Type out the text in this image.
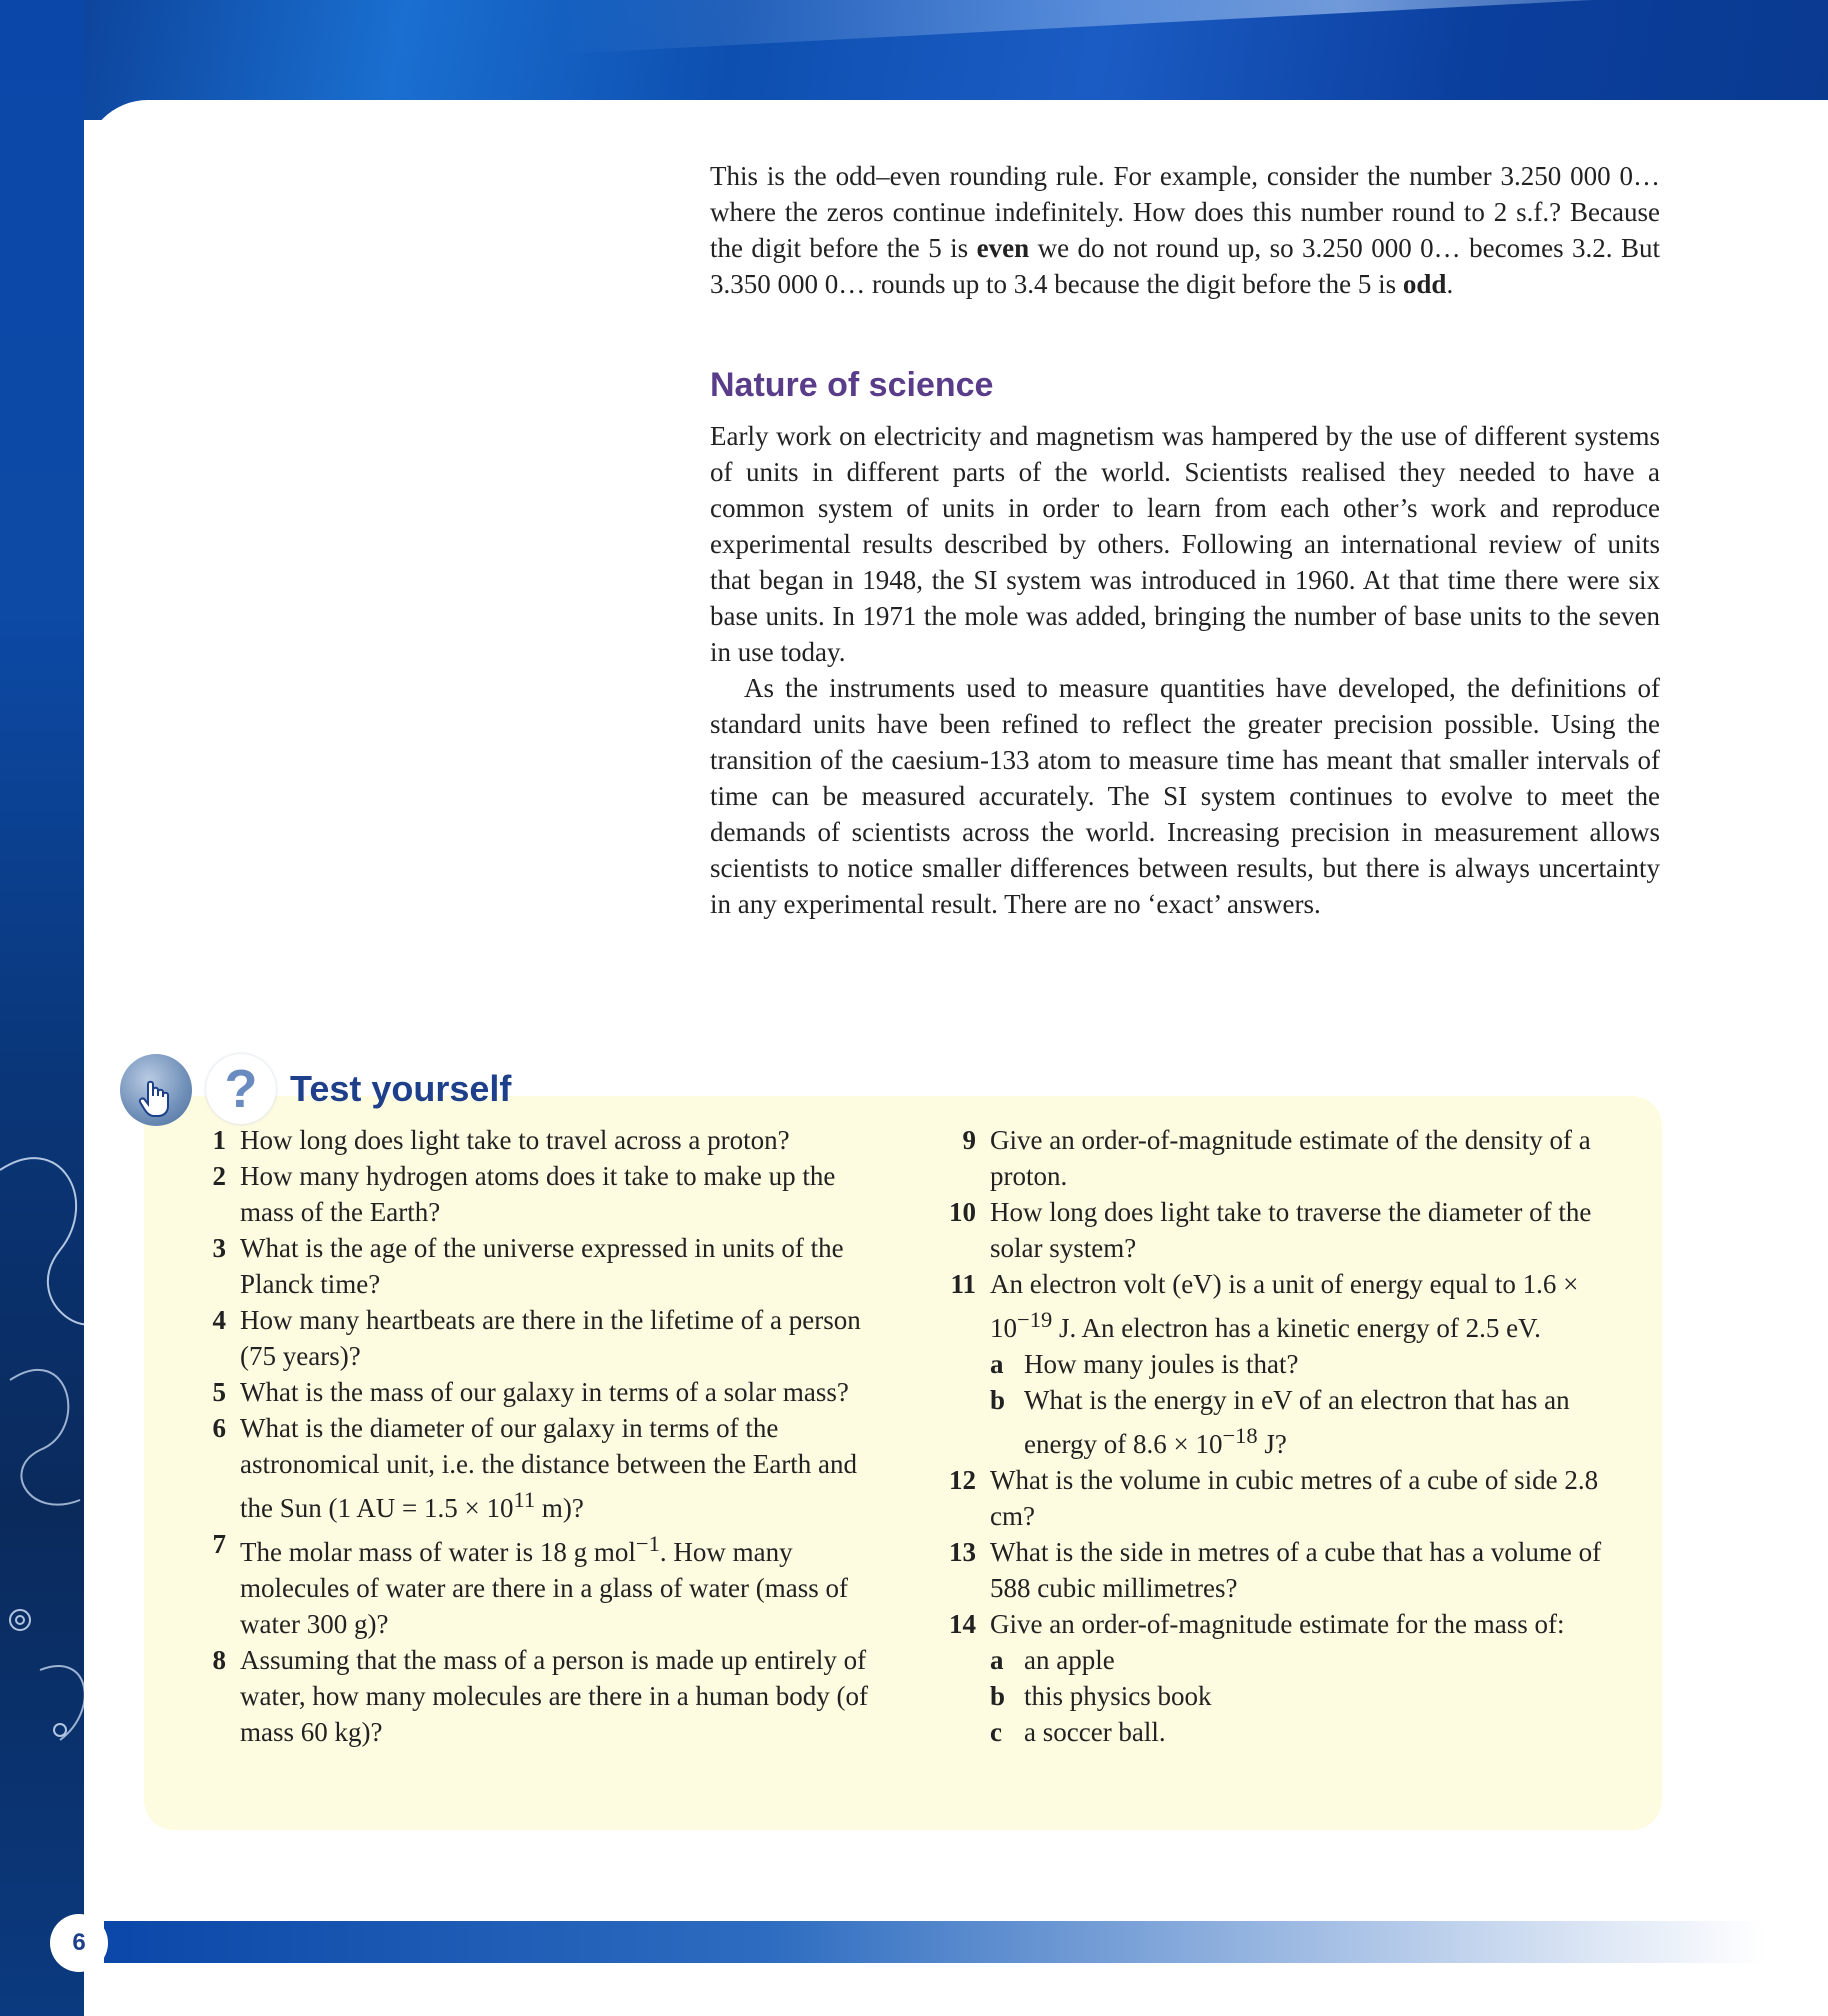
This is the odd–even rounding rule. For example, consider the number 3.250 000 0… where the zeros continue indefinitely. How does this number round to 2 s.f.? Because the digit before the 5 is even we do not round up, so 3.250 000 0… becomes 3.2. But 3.350 000 0… rounds up to 3.4 because the digit before the 5 is odd.

Nature of science

Early work on electricity and magnetism was hampered by the use of different systems of units in different parts of the world. Scientists realised they needed to have a common system of units in order to learn from each other’s work and reproduce experimental results described by others. Following an international review of units that began in 1948, the SI system was introduced in 1960. At that time there were six base units. In 1971 the mole was added, bringing the number of base units to the seven in use today.

As the instruments used to measure quantities have developed, the definitions of standard units have been refined to reflect the greater precision possible. Using the transition of the caesium-133 atom to measure time has meant that smaller intervals of time can be measured accurately. The SI system continues to evolve to meet the demands of scientists across the world. Increasing precision in measurement allows scientists to notice smaller differences between results, but there is always uncertainty in any experimental result. There are no ‘exact’ answers.

? Test yourself
1 How long does light take to travel across a proton?
2 How many hydrogen atoms does it take to make up the mass of the Earth?
3 What is the age of the universe expressed in units of the Planck time?
4 How many heartbeats are there in the lifetime of a person (75 years)?
5 What is the mass of our galaxy in terms of a solar mass?
6 What is the diameter of our galaxy in terms of the astronomical unit, i.e. the distance between the Earth and the Sun (1 AU = $1.5 \times 10^{11}$ m)?
7 The molar mass of water is 18 g mol$^{-1}$. How many molecules of water are there in a glass of water (mass of water 300 g)?
8 Assuming that the mass of a person is made up entirely of water, how many molecules are there in a human body (of mass 60 kg)?
9 Give an order-of-magnitude estimate of the density of a proton.
10 How long does light take to traverse the diameter of the solar system?
11 An electron volt (eV) is a unit of energy equal to $1.6 \times 10^{-19}$ J. An electron has a kinetic energy of 2.5 eV.
a How many joules is that?
b What is the energy in eV of an electron that has an energy of $8.6 \times 10^{-18}$ J?
12 What is the volume in cubic metres of a cube of side 2.8 cm?
13 What is the side in metres of a cube that has a volume of 588 cubic millimetres?
14 Give an order-of-magnitude estimate for the mass of:
a an apple
b this physics book
c a soccer ball.
6
